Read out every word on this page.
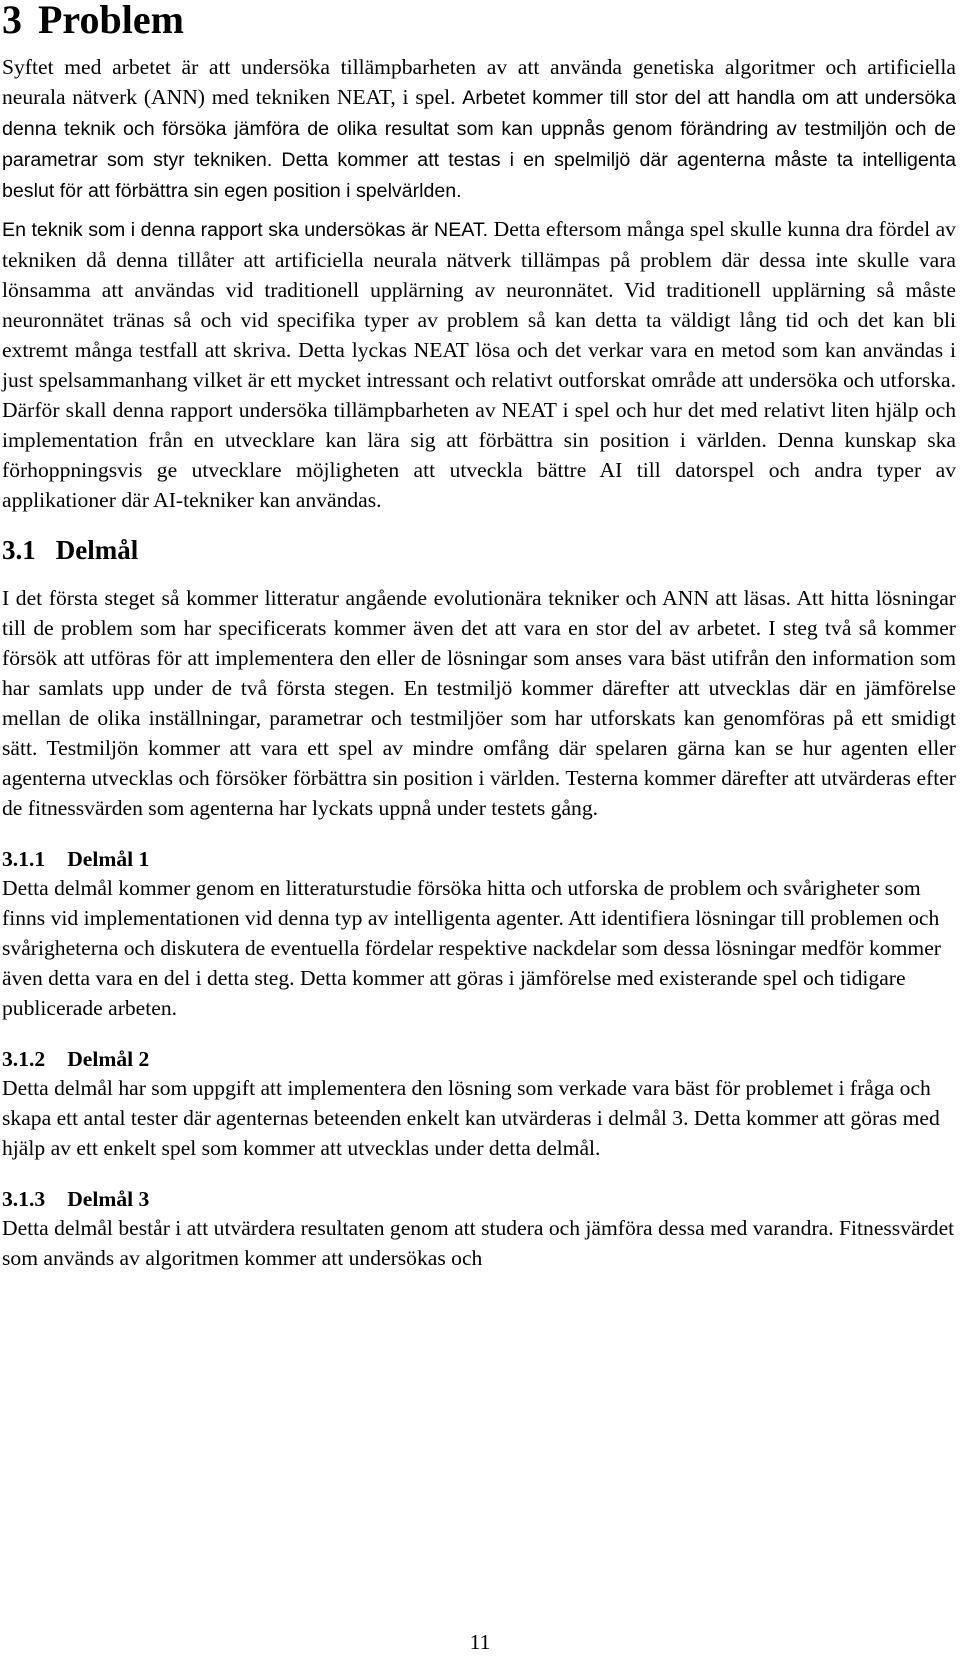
3 Problem

Syftet med arbetet är att undersöka tillämpbarheten av att använda genetiska algoritmer och artificiella neurala nätverk (ANN) med tekniken NEAT, i spel. Arbetet kommer till stor del att handla om att undersöka denna teknik och försöka jämföra de olika resultat som kan uppnås genom förändring av testmiljön och de parametrar som styr tekniken. Detta kommer att testas i en spelmiljö där agenterna måste ta intelligenta beslut för att förbättra sin egen position i spelvärlden.

En teknik som i denna rapport ska undersökas är NEAT. Detta eftersom många spel skulle kunna dra fördel av tekniken då denna tillåter att artificiella neurala nätverk tillämpas på problem där dessa inte skulle vara lönsamma att användas vid traditionell upplärning av neuronnätet. Vid traditionell upplärning så måste neuronnätet tränas så och vid specifika typer av problem så kan detta ta väldigt lång tid och det kan bli extremt många testfall att skriva. Detta lyckas NEAT lösa och det verkar vara en metod som kan användas i just spelsammanhang vilket är ett mycket intressant och relativt outforskat område att undersöka och utforska. Därför skall denna rapport undersöka tillämpbarheten av NEAT i spel och hur det med relativt liten hjälp och implementation från en utvecklare kan lära sig att förbättra sin position i världen. Denna kunskap ska förhoppningsvis ge utvecklare möjligheten att utveckla bättre AI till datorspel och andra typer av applikationer där AI-tekniker kan användas.

3.1 Delmål

I det första steget så kommer litteratur angående evolutionära tekniker och ANN att läsas. Att hitta lösningar till de problem som har specificerats kommer även det att vara en stor del av arbetet. I steg två så kommer försök att utföras för att implementera den eller de lösningar som anses vara bäst utifrån den information som har samlats upp under de två första stegen. En testmiljö kommer därefter att utvecklas där en jämförelse mellan de olika inställningar, parametrar och testmiljöer som har utforskats kan genomföras på ett smidigt sätt. Testmiljön kommer att vara ett spel av mindre omfång där spelaren gärna kan se hur agenten eller agenterna utvecklas och försöker förbättra sin position i världen. Testerna kommer därefter att utvärderas efter de fitnessvärden som agenterna har lyckats uppnå under testets gång.

3.1.1 Delmål 1

Detta delmål kommer genom en litteraturstudie försöka hitta och utforska de problem och svårigheter som finns vid implementationen vid denna typ av intelligenta agenter. Att identifiera lösningar till problemen och svårigheterna och diskutera de eventuella fördelar respektive nackdelar som dessa lösningar medför kommer även detta vara en del i detta steg. Detta kommer att göras i jämförelse med existerande spel och tidigare publicerade arbeten.

3.1.2 Delmål 2

Detta delmål har som uppgift att implementera den lösning som verkade vara bäst för problemet i fråga och skapa ett antal tester där agenternas beteenden enkelt kan utvärderas i delmål 3. Detta kommer att göras med hjälp av ett enkelt spel som kommer att utvecklas under detta delmål.

3.1.3 Delmål 3

Detta delmål består i att utvärdera resultaten genom att studera och jämföra dessa med varandra. Fitnessvärdet som används av algoritmen kommer att undersökas och

11
